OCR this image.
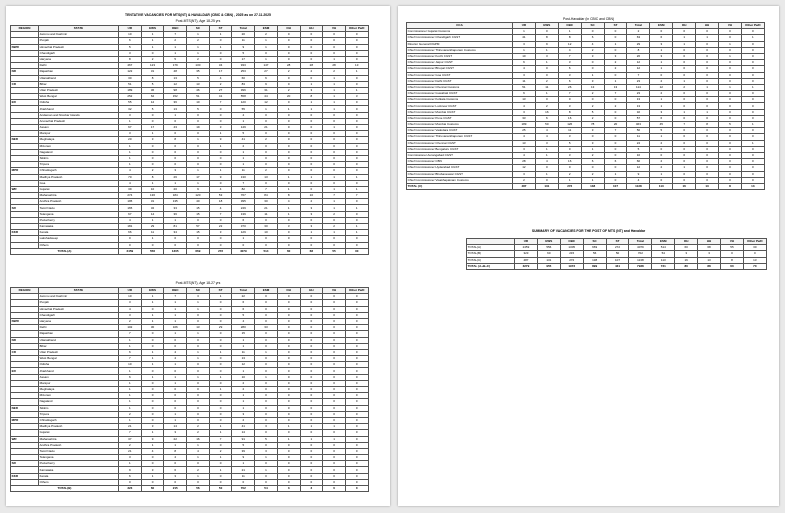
TENTATIVE VACANCIES FOR MTS(NT) & HAVALDAR (CBIC & CBN) , 2025 as on 27.11.2025
Post-MTS(NT), Age 18-25 yrs
REGION	STATE	UR	EWS	OBC	SC	ST	Total	ESM	OH	HH	VH	Other PwD
	Jammu and Kashmir	10	1	7	1	1	20	2	0	0	0	0
	Punjab	6	1	2	2	0	11	1	0	0	0	0
NWR	Himachal Pradesh	5	1	1	1	1	9	1	0	0	0	0
	Chandigarh	3	0	1	1	0	5	0	0	0	0	0
	Haryana	8	2	5	2	0	17	1	0	0	1	0
	Delhi	467	123	179	130	34	933	147	28	28	28	13
NR	Rajasthan	122	31	48	35	17	253	27	2	2	2	1
	Uttarakhand	30	8	13	5	4	60	6	0	0	1	0
CR	Bihar	51	5	12	13	2	83	9	0	1	1	0
	Uttar Pradesh	189	36	98	46	27	396	31	2	3	1	1
	West Bengal	252	62	152	51	41	558	44	20	8	1	3
ER	Odisha	55	12	36	10	7	120	12	0	1	1	0
	Jharkhand	32	5	13	5	0	55	1	1	1	1	0
	Andaman and Nicobar Islands	3	0	1	0	0	4	0	0	0	0	0
	Arunachal Pradesh	1	0	0	0	0	1	0	0	0	0	0
	Assam	67	17	43	19	3	149	21	0	0	1	0
	Manipur	3	1	0	0	1	5	0	0	0	0	0
NER	Meghalaya	20	3	8	1	9	41	2	0	0	0	0
	Mizoram	1	0	0	0	1	2	0	0	0	0	0
	Nagaland	1	0	0	0	0	1	0	0	0	0	0
	Sikkim	1	0	0	0	0	1	0	0	0	0	0
	Tripura	1	0	0	0	0	1	0	0	0	0	0
MPR	Chhattisgarh	4	2	3	1	1	11	2	0	0	0	0
	Madhya Pradesh	70	8	26	17	9	130	13	1	1	1	1
	Goa	4	1	1	1	0	7	0	0	0	0	0
WR	Gujarat	39	10	20	9	4	82	7	1	0	1	1
	Maharashtra	274	136	184	120	53	767	84	8	10	7	7
	Andhra Pradesh	195	31	135	40	18	395	30	4	2	1	0
SR	Tamil Nadu	165	32	33	15	4	249	21	1	3	1	1
	Telangana	67	14	36	15	7	139	11	1	3	2	0
	Puducherry	4	1	1	0	0	6	0	0	0	0	0
	Karnataka	181	29	81	57	22	370	30	3	3	2	1
KKR	Kerala	66	11	34	15	3	129	10	0	1	1	1
	Lakshadweep	0	1	0	0	0	1	0	0	0	0	0
	Others	0	0	0	0	0	0	0	0	0	0	0
TOTAL(A)		2459	556	1305	669	272	4079	514	60	68	55	30
Post-MTS(NT), Age 18-27 yrs
REGION	STATE	UR	EWS	OBC	SC	ST	Total	ESM	OH	HH	VH	Other PwD
	Jammu and Kashmir	10	1	7	3	1	22	0	0	0	0	0
	Punjab	3	1	1	1	0	6	0	0	0	0	0
	Himachal Pradesh	4	0	1	1	0	6	0	0	0	0	0
	Chandigarh	3	1	1	0	0	5	0	0	0	0	0
NWR	Haryana	2	1	1	0	0	4	0	0	0	0	0
	Delhi	102	30	106	13	29	280	33	0	0	0	0
	Rajasthan	7	0	1	1	0	15	0	0	0	0	0
NR	Uttarakhand	1	0	0	0	0	1	0	0	0	0	0
	Bihar	1	0	0	0	0	1	0	0	0	0	0
CR	Uttar Pradesh	6	1	4	1	1	11	1	0	0	0	0
	West Bengal	7	1	4	1	0	13	0	0	0	0	0
	Odisha	10	1	1	0	0	12	0	0	0	0	0
ER	Jharkhand	1	0	0	0	0	1	0	0	0	0	0
	Assam	6	1	1	1	1	10	1	0	0	0	0
	Manipur	1	0	1	0	0	2	0	0	0	0	0
	Meghalaya	1	0	0	0	1	2	0	0	0	0	0
	Mizoram	1	0	0	0	0	1	0	0	0	0	0
	Nagaland	1	0	0	0	0	1	0	0	0	0	0
NER	Sikkim	1	0	0	0	0	1	0	0	0	0	0
	Tripura	2	0	1	0	0	3	0	0	0	0	0
MPR	Chhattisgarh	1	0	1	0	0	2	0	0	0	0	0
	Madhya Pradesh	21	3	14	2	1	41	3	1	1	1	0
	Gujarat	7	1	3	2	1	14	0	0	0	0	0
WR	Maharashtra	37	9	22	16	7	91	5	1	1	1	0
	Andhra Pradesh	2	1	1	1	0	5	0	0	0	0	0
	Tamil Nadu	21	4	8	4	2	39	3	0	0	0	0
	Telangana	3	0	4	1	1	9	1	0	0	0	0
SR	Puducherry	1	0	0	0	0	1	0	0	0	0	0
	Karnataka	9	3	6	2	1	21	1	0	0	0	0
KKR	Kerala	6	1	3	1	0	11	0	0	0	0	0
	Others	0	0	0	0	0	0	0	0	0	0	0
TOTAL(B)		323	60	215	56	50	702	54	3	3	0	0
Post-Havaldar (in CBIC and CBN)
CCA	UR	EWS	OBC	SC	ST	Total	ESM	OH	HH	VH	Other PwD
Commissioner Gujarat Customs	1	0	1	0	0	2	0	0	0	0	0
Chief Commissioner Chandigarh CGST	41	8	8	6	0	63	6	1	1	0	1
Director General DGPM	3	9	12	4	1	29	3	1	0	1	0
Chief Commissioner Thiruvananthapuram Customs	1	1	4	2	0	8	1	0	0	0	0
Chief Commissioner Kochi CGST	10	3	7	3	3	26	3	0	0	1	0
Chief Commissioner Jaipur CGST	6	1	3	0	2	12	1	0	0	0	0
Chief Commissioner Bhopal CGST	4	0	6	0	2	12	1	0	0	0	0
Chief Commissioner Goa CGST	3	0	3	1	0	7	0	0	0	0	0
Chief Commissioner Delhi CGST	11	2	6	3	1	23	2	1	0	0	0
Chief Commissioner Chennai Customs	51	11	26	13	13	114	12	2	1	1	1
Chief Commissioner Guwahati CGST	6	1	7	2	7	23	2	0	0	0	0
Chief Commissioner Kolkata Customs	13	0	0	0	0	13	1	0	0	0	0
Chief Commissioner Lucknow CGST	4	2	3	2	2	13	1	0	0	0	0
Chief Commissioner Mumbai CGST	3	16	8	5	0	32	3	1	1	0	0
Chief Commissioner Pune CGST	33	6	16	2	0	57	6	0	0	0	0
Chief Commissioner Mumbai Customs	189	50	126	78	20	463	45	7	8	5	1
Chief Commissioner Vadodara CGST	25	4	11	3	7	50	5	0	0	0	0
Chief Commissioner Thiruvananthapuram CGST	4	4	3	0	0	11	1	0	0	0	0
Chief Commissioner Chennai CGST	13	3	5	3	0	24	2	0	0	0	1
Chief Commissioner Bengaluru CGST	3	1	0	1	0	5	0	0	0	0	0
Commissioner Aurangabad CGST	4	1	3	2	0	10	0	0	0	0	0
Chief Commissioner CBN	28	4	16	6	6	60	2	0	0	0	0
Chief Commissioner Hyderabad CGST	12	0	0	0	0	12	2	1	0	0	0
Chief Commissioner Bhubaneswar CGST	3	1	2	2	1	9	1	0	0	0	0
Chief Commissioner Visakhapatnam Customs	2	0	1	1	0	4	0	0	0	0	0
TOTAL (C)	487	131	272	138	107	1138	113	16	13	8	13
SUMMARY OF VACANCIES FOR THE POST OF MTS (NT) and Havaldar
	UR	EWS	OBC	SC	ST	Total	ESM	OH	HH	VH	Other PwD
TOTAL(A)	2459	556	1305	669	272	4079	514	60	68	55	30
TOTAL(B)	323	60	215	56	50	702	54	3	3	0	0
TOTAL(C)	487	131	272	138	107	1138	113	16	13	8	13
TOTAL (A+B+C)	3279	955	1973	899	431	7938	721	80	88	60	70
